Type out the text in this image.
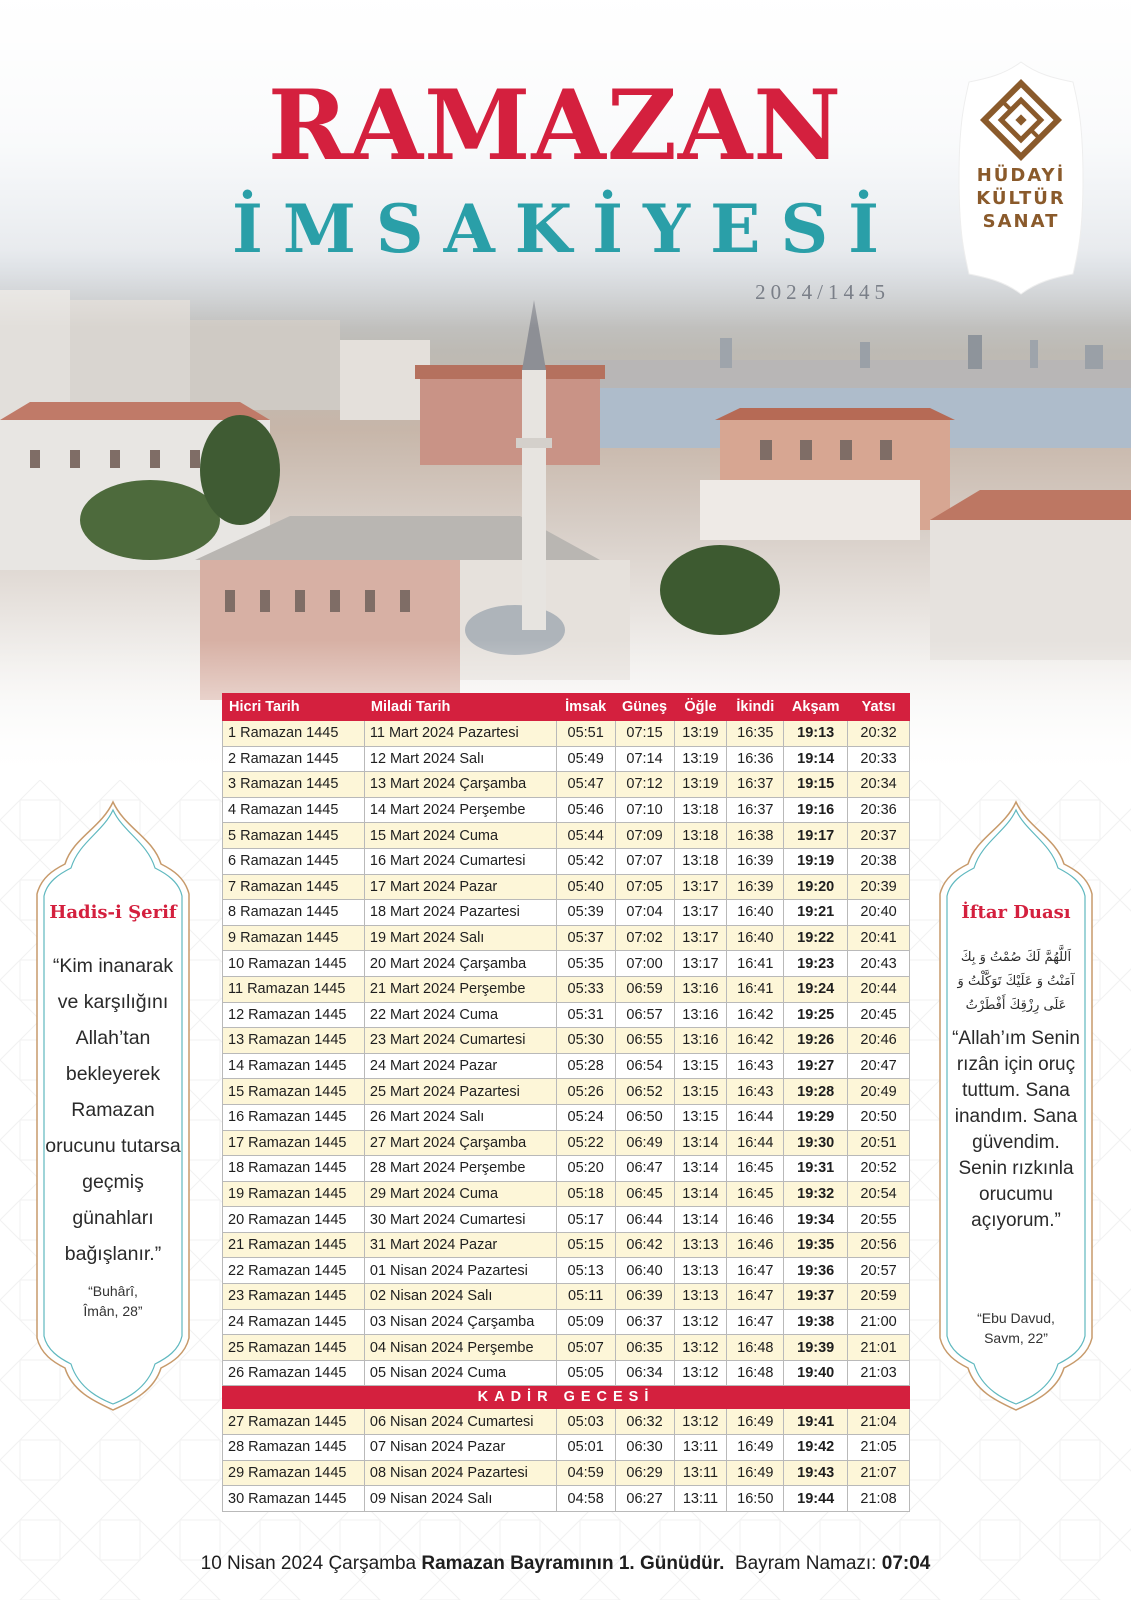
RAMAZAN
İMSAKİYESİ
2024/1445
HÜDAYİ
KÜLTÜR
SANAT
Hadis-i Şerif
“Kim inanarak ve karşılığını Allah’tan bekleyerek Ramazan orucunu tutarsa geçmiş günahları bağışlanır.”
“Buhârî,
Îmân, 28”
İftar Duası
اَللَّهُمَّ لَكَ صُمْتُ وَ بِكَ
آمَنْتُ وَ عَلَيْكَ تَوَكَّلْتُ وَ
عَلَى رِزْقِكَ أَفْطَرْتُ
“Allah’ım Senin rızân için oruç tuttum. Sana inandım. Sana güvendim. Senin rızkınla orucumu açıyorum.”
“Ebu Davud,
Savm, 22”
Hicri Tarih	Miladi Tarih	İmsak	Güneş	Öğle	İkindi	Akşam	Yatsı
1 Ramazan 1445	11 Mart 2024 Pazartesi	05:51	07:15	13:19	16:35	19:13	20:32
2 Ramazan 1445	12 Mart 2024 Salı	05:49	07:14	13:19	16:36	19:14	20:33
3 Ramazan 1445	13 Mart 2024 Çarşamba	05:47	07:12	13:19	16:37	19:15	20:34
4 Ramazan 1445	14 Mart 2024 Perşembe	05:46	07:10	13:18	16:37	19:16	20:36
5 Ramazan 1445	15 Mart 2024 Cuma	05:44	07:09	13:18	16:38	19:17	20:37
6 Ramazan 1445	16 Mart 2024 Cumartesi	05:42	07:07	13:18	16:39	19:19	20:38
7 Ramazan 1445	17 Mart 2024 Pazar	05:40	07:05	13:17	16:39	19:20	20:39
8 Ramazan 1445	18 Mart 2024 Pazartesi	05:39	07:04	13:17	16:40	19:21	20:40
9 Ramazan 1445	19 Mart 2024 Salı	05:37	07:02	13:17	16:40	19:22	20:41
10 Ramazan 1445	20 Mart 2024 Çarşamba	05:35	07:00	13:17	16:41	19:23	20:43
11 Ramazan 1445	21 Mart 2024 Perşembe	05:33	06:59	13:16	16:41	19:24	20:44
12 Ramazan 1445	22 Mart 2024 Cuma	05:31	06:57	13:16	16:42	19:25	20:45
13 Ramazan 1445	23 Mart 2024 Cumartesi	05:30	06:55	13:16	16:42	19:26	20:46
14 Ramazan 1445	24 Mart 2024 Pazar	05:28	06:54	13:15	16:43	19:27	20:47
15 Ramazan 1445	25 Mart 2024 Pazartesi	05:26	06:52	13:15	16:43	19:28	20:49
16 Ramazan 1445	26 Mart 2024 Salı	05:24	06:50	13:15	16:44	19:29	20:50
17 Ramazan 1445	27 Mart 2024 Çarşamba	05:22	06:49	13:14	16:44	19:30	20:51
18 Ramazan 1445	28 Mart 2024 Perşembe	05:20	06:47	13:14	16:45	19:31	20:52
19 Ramazan 1445	29 Mart 2024 Cuma	05:18	06:45	13:14	16:45	19:32	20:54
20 Ramazan 1445	30 Mart 2024 Cumartesi	05:17	06:44	13:14	16:46	19:34	20:55
21 Ramazan 1445	31 Mart 2024 Pazar	05:15	06:42	13:13	16:46	19:35	20:56
22 Ramazan 1445	01 Nisan 2024 Pazartesi	05:13	06:40	13:13	16:47	19:36	20:57
23 Ramazan 1445	02 Nisan 2024 Salı	05:11	06:39	13:13	16:47	19:37	20:59
24 Ramazan 1445	03 Nisan 2024 Çarşamba	05:09	06:37	13:12	16:47	19:38	21:00
25 Ramazan 1445	04 Nisan 2024 Perşembe	05:07	06:35	13:12	16:48	19:39	21:01
26 Ramazan 1445	05 Nisan 2024 Cuma	05:05	06:34	13:12	16:48	19:40	21:03
KADİR GECESİ							
27 Ramazan 1445	06 Nisan 2024 Cumartesi	05:03	06:32	13:12	16:49	19:41	21:04
28 Ramazan 1445	07 Nisan 2024 Pazar	05:01	06:30	13:11	16:49	19:42	21:05
29 Ramazan 1445	08 Nisan 2024 Pazartesi	04:59	06:29	13:11	16:49	19:43	21:07
30 Ramazan 1445	09 Nisan 2024 Salı	04:58	06:27	13:11	16:50	19:44	21:08
10 Nisan 2024 Çarşamba Ramazan Bayramının 1. Günüdür. Bayram Namazı: 07:04
